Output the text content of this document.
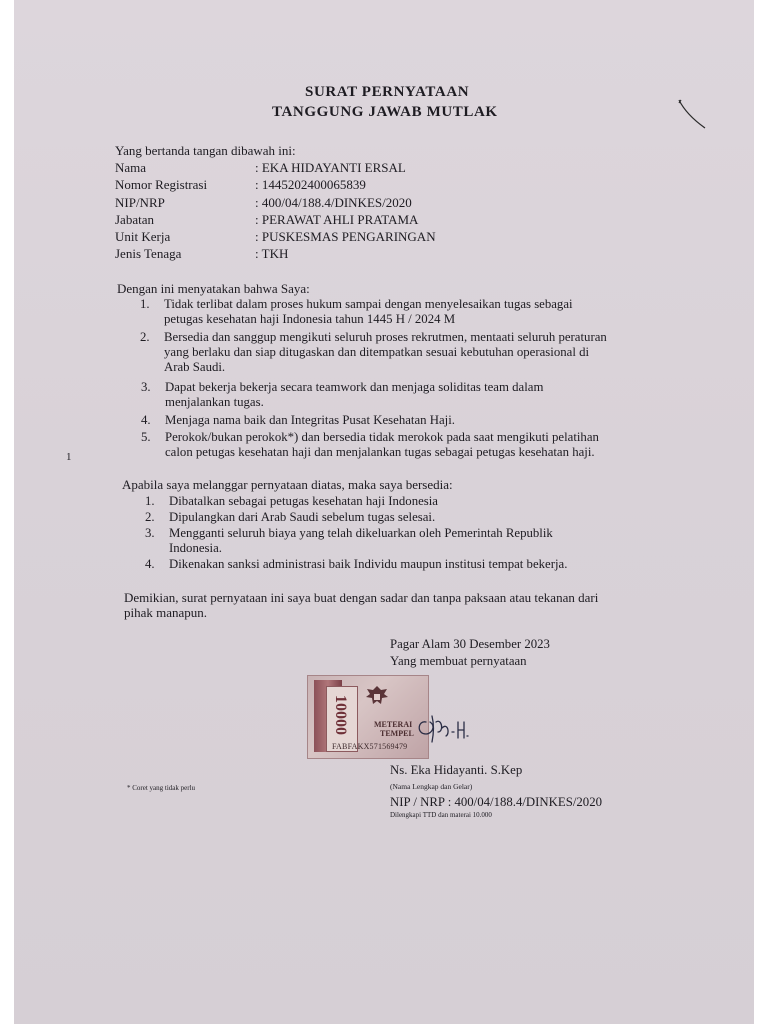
SURAT PERNYATAAN
TANGGUNG JAWAB MUTLAK
Yang bertanda tangan dibawah ini:
Nama	: EKA HIDAYANTI ERSAL
Nomor Registrasi	: 1445202400065839
NIP/NRP	: 400/04/188.4/DINKES/2020
Jabatan	: PERAWAT AHLI PRATAMA
Unit Kerja	: PUSKESMAS PENGARINGAN
Jenis Tenaga	: TKH
Dengan ini menyatakan bahwa Saya:
1. Tidak terlibat dalam proses hukum sampai dengan menyelesaikan tugas sebagai
petugas kesehatan haji Indonesia tahun 1445 H / 2024 M
2. Bersedia dan sanggup mengikuti seluruh proses rekrutmen, mentaati seluruh peraturan
yang berlaku dan siap ditugaskan dan ditempatkan sesuai kebutuhan operasional di
Arab Saudi.
3. Dapat bekerja bekerja secara teamwork dan menjaga soliditas team dalam
menjalankan tugas.
4. Menjaga nama baik dan Integritas Pusat Kesehatan Haji.
5. Perokok/bukan perokok*) dan bersedia tidak merokok pada saat mengikuti pelatihan
calon petugas kesehatan haji dan menjalankan tugas sebagai petugas kesehatan haji.
1
Apabila saya melanggar pernyataan diatas, maka saya bersedia:
1. Dibatalkan sebagai petugas kesehatan haji Indonesia
2. Dipulangkan dari Arab Saudi sebelum tugas selesai.
3. Mengganti seluruh biaya yang telah dikeluarkan oleh Pemerintah Republik
Indonesia.
4. Dikenakan sanksi administrasi baik Individu maupun institusi tempat bekerja.
Demikian, surat pernyataan ini saya buat dengan sadar dan tanpa paksaan atau tekanan dari
pihak manapun.
Pagar Alam 30 Desember 2023
Yang membuat pernyataan
10000	METERAI
TEMPEL
FABFAKX571569479
Ns. Eka Hidayanti. S.Kep
(Nama Lengkap dan Gelar)
NIP / NRP : 400/04/188.4/DINKES/2020
Dilengkapi TTD dan materai 10.000
* Coret yang tidak perlu
